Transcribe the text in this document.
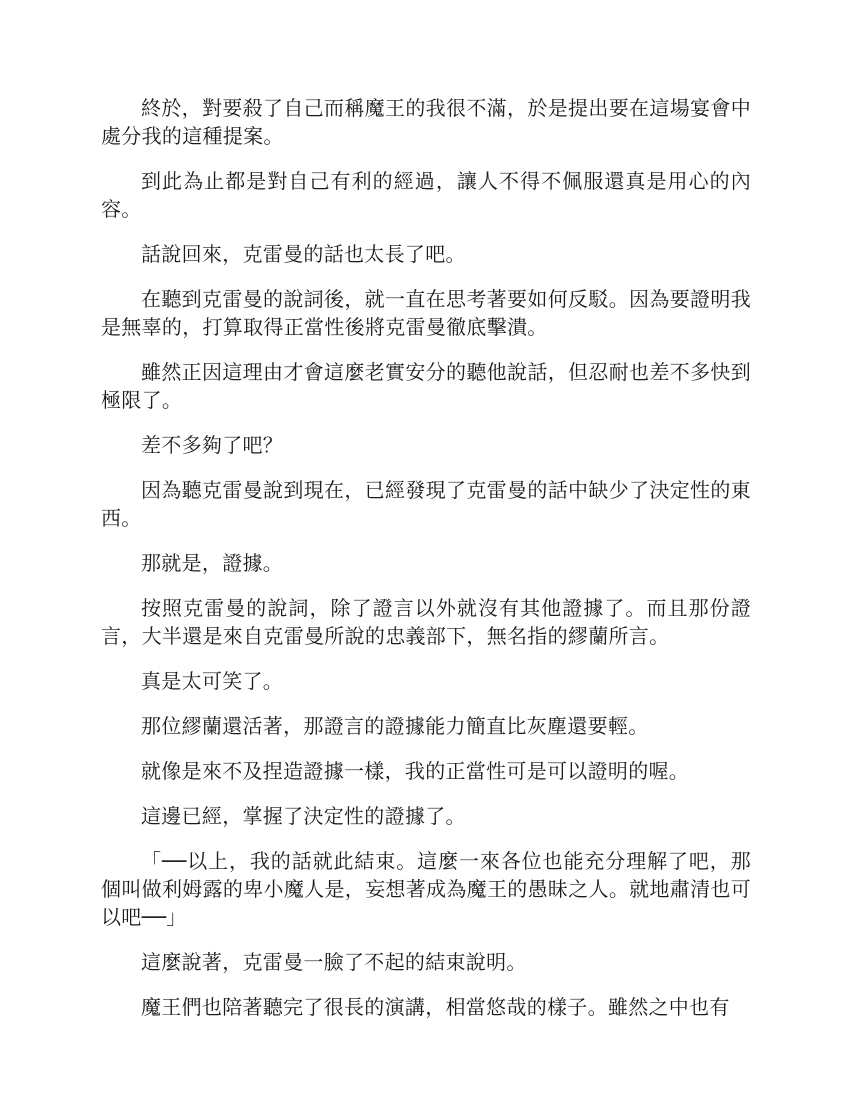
終於，對要殺了自己而稱魔王的我很不滿，於是提出要在這場宴會中處分我的這種提案。

到此為止都是對自己有利的經過，讓人不得不佩服還真是用心的內容。

話說回來，克雷曼的話也太長了吧。

在聽到克雷曼的說詞後，就一直在思考著要如何反駁。因為要證明我是無辜的，打算取得正當性後將克雷曼徹底擊潰。

雖然正因這理由才會這麼老實安分的聽他說話，但忍耐也差不多快到極限了。

差不多夠了吧？

因為聽克雷曼說到現在，已經發現了克雷曼的話中缺少了決定性的東西。

那就是，證據。

按照克雷曼的說詞，除了證言以外就沒有其他證據了。而且那份證言，大半還是來自克雷曼所說的忠義部下，無名指的繆蘭所言。

真是太可笑了。

那位繆蘭還活著，那證言的證據能力簡直比灰塵還要輕。

就像是來不及捏造證據一樣，我的正當性可是可以證明的喔。

這邊已經，掌握了決定性的證據了。

「──以上，我的話就此結束。這麼一來各位也能充分理解了吧，那個叫做利姆露的卑小魔人是，妄想著成為魔王的愚昧之人。就地肅清也可以吧──」

這麼說著，克雷曼一臉了不起的結束說明。

魔王們也陪著聽完了很長的演講，相當悠哉的樣子。雖然之中也有
